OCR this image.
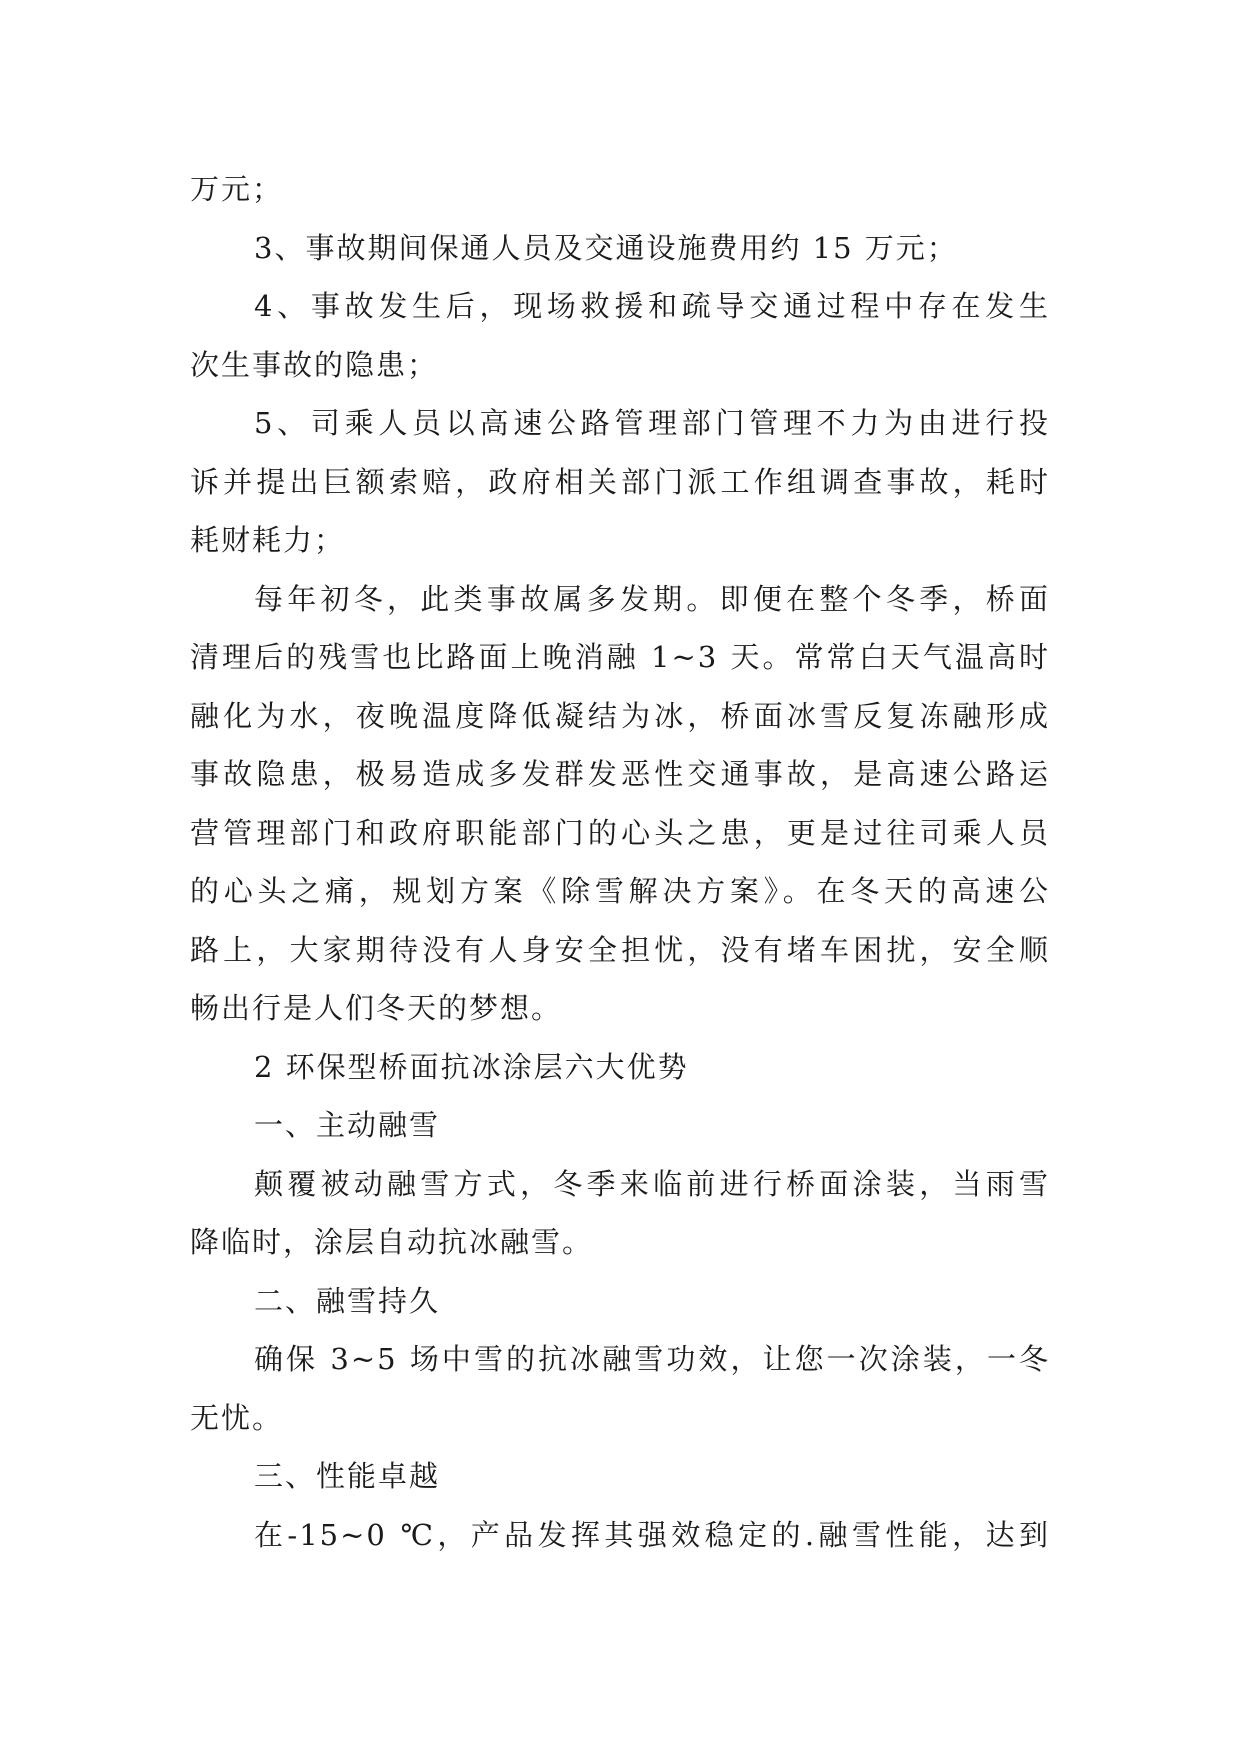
万元；
3、事故期间保通人员及交通设施费用约 15 万元；
4、事故发生后，现场救援和疏导交通过程中存在发生
次生事故的隐患；
5、司乘人员以高速公路管理部门管理不力为由进行投
诉并提出巨额索赔，政府相关部门派工作组调查事故，耗时
耗财耗力；
每年初冬，此类事故属多发期。即便在整个冬季，桥面
清理后的残雪也比路面上晚消融 1~3 天。常常白天气温高时
融化为水，夜晚温度降低凝结为冰，桥面冰雪反复冻融形成
事故隐患，极易造成多发群发恶性交通事故，是高速公路运
营管理部门和政府职能部门的心头之患，更是过往司乘人员
的心头之痛，规划方案《除雪解决方案》。在冬天的高速公
路上，大家期待没有人身安全担忧，没有堵车困扰，安全顺
畅出行是人们冬天的梦想。
2 环保型桥面抗冰涂层六大优势
一、主动融雪
颠覆被动融雪方式，冬季来临前进行桥面涂装，当雨雪
降临时，涂层自动抗冰融雪。
二、融雪持久
确保 3~5 场中雪的抗冰融雪功效，让您一次涂装，一冬
无忧。
三、性能卓越
在-15~0 ℃，产品发挥其强效稳定的.融雪性能，达到
